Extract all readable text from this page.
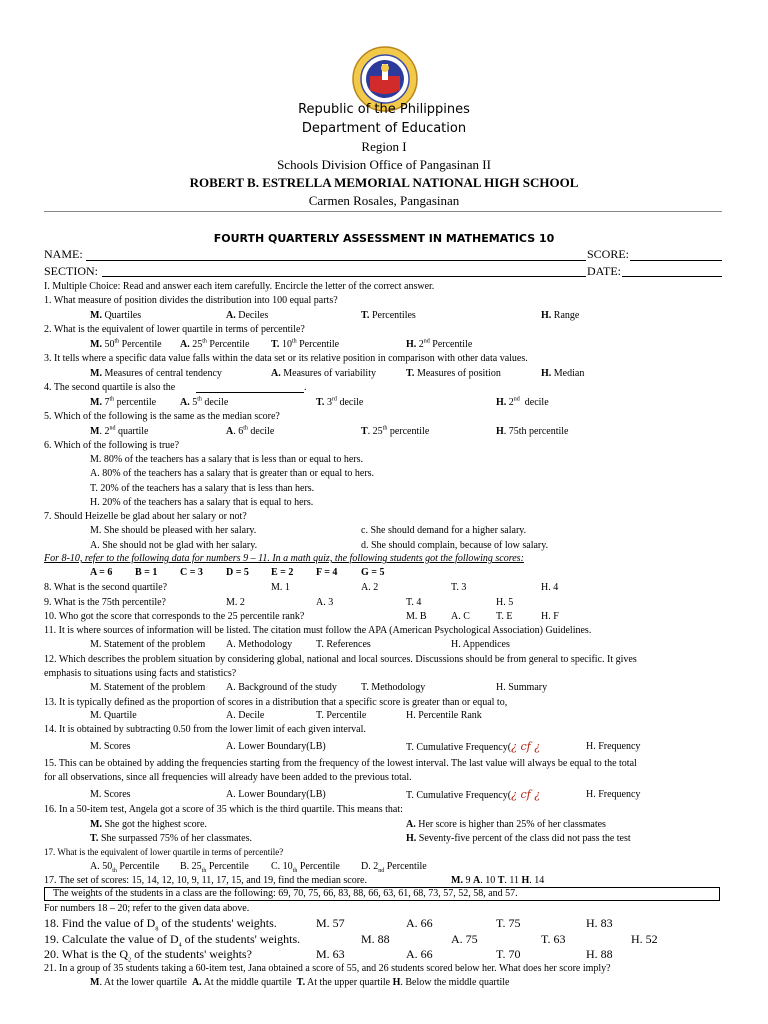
Republic of the Philippines
Department of Education
Region I
Schools Division Office of Pangasinan II
ROBERT B. ESTRELLA MEMORIAL NATIONAL HIGH SCHOOL
Carmen Rosales, Pangasinan
FOURTH QUARTERLY ASSESSMENT IN MATHEMATICS 10
NAME:	SCORE:
SECTION:	DATE:
I. Multiple Choice: Read and answer each item carefully. Encircle the letter of the correct answer.
1. What measure of position divides the distribution into 100 equal parts?
M. Quartiles	A. Deciles	T. Percentiles	H. Range
2. What is the equivalent of lower quartile in terms of percentile?
M. 50th Percentile A. 25th Percentile T. 10th Percentile	H. 2nd Percentile
3. It tells where a specific data value falls within the data set or its relative position in comparison with other data values.
M. Measures of central tendency	A. Measures of variability	T. Measures of position	H. Median
4. The second quartile is also the	.
M. 7th percentile A. 5th decile	T. 3rd decile	H. 2nd  decile
5. Which of the following is the same as the median score?
M. 2nd quartile	A. 6th decile	T. 25th percentile	H. 75th percentile
6. Which of the following is true?
M. 80% of the teachers has a salary that is less than or equal to hers.
A. 80% of the teachers has a salary that is greater than or equal to hers.
T. 20% of the teachers has a salary that is less than hers.
H. 20% of the teachers has a salary that is equal to hers.
7. Should Heizelle be glad about her salary or not?
M. She should be pleased with her salary.	c. She should demand for a higher salary.
A. She should not be glad with her salary.	d. She should complain, because of low salary.
For 8-10, refer to the following data for numbers 9 – 11. In a math quiz, the following students got the following scores:
A = 6 B = 1 C = 3 D = 5 E = 2 F = 4 G = 5
8. What is the second quartile?	M. 1	A. 2	T. 3	H. 4
9. What is the 75th percentile?	M. 2	A. 3	T. 4	H. 5
10. Who got the score that corresponds to the 25 percentile rank?	M. B A. C	T. E	H. F
11. It is where sources of information will be listed. The citation must follow the APA (American Psychological Association) Guidelines.
M. Statement of the problem A. Methodology T. References	H. Appendices
12. Which describes the problem situation by considering global, national and local sources. Discussions should be from general to specific. It gives
emphasis to situations using facts and statistics?
M. Statement of the problem A. Background of the study T. Methodology	H. Summary
13. It is typically defined as the proportion of scores in a distribution that a specific score is greater than or equal to,
M. Quartile	A. Decile	T. Percentile	H. Percentile Rank
14. It is obtained by subtracting 0.50 from the lower limit of each given interval.
M. Scores	A. Lower Boundary(LB)	T. Cumulative Frequency(¿ cf ¿	H. Frequency
15. This can be obtained by adding the frequencies starting from the frequency of the lowest interval. The last value will always be equal to the total
for all observations, since all frequencies will already have been added to the previous total.
M. Scores	A. Lower Boundary(LB)	T. Cumulative Frequency(¿ cf ¿	H. Frequency
16. In a 50-item test, Angela got a score of 35 which is the third quartile. This means that:
M. She got the highest score.	A. Her score is higher than 25% of her classmates
T. She surpassed 75% of her classmates.	H. Seventy-five percent of the class did not pass the test
17. What is the equivalent of lower quartile in terms of percentile?
A. $50_{th}$ Percentile B. $25_{th}$ Percentile C. $10_{th}$ Percentile D. $2_{nd}$ Percentile
17. The set of scores: 15, 14, 12, 10, 9, 11, 17, 15, and 19, find the median score.	M. 9 A. 10 T. 11 H. 14
The weights of the students in a class are the following: 69, 70, 75, 66, 83, 88, 66, 63, 61, 68, 73, 57, 52, 58, and 57.
For numbers 18 – 20; refer to the given data above.
18. Find the value of $D_8$ of the students' weights.	M. 57	A. 66	T. 75	H. 83
19. Calculate the value of $D_4$ of the students' weights.	M. 88	A. 75	T. 63	H. 52
20. What is the $Q_2$ of the students' weights?	M. 63	A. 66	T. 70	H. 88
21. In a group of 35 students taking a 60-item test, Jana obtained a score of 55, and 26 students scored below her. What does her score imply?
M. At the lower quartile A. At the middle quartile T. At the upper quartile H. Below the middle quartile
